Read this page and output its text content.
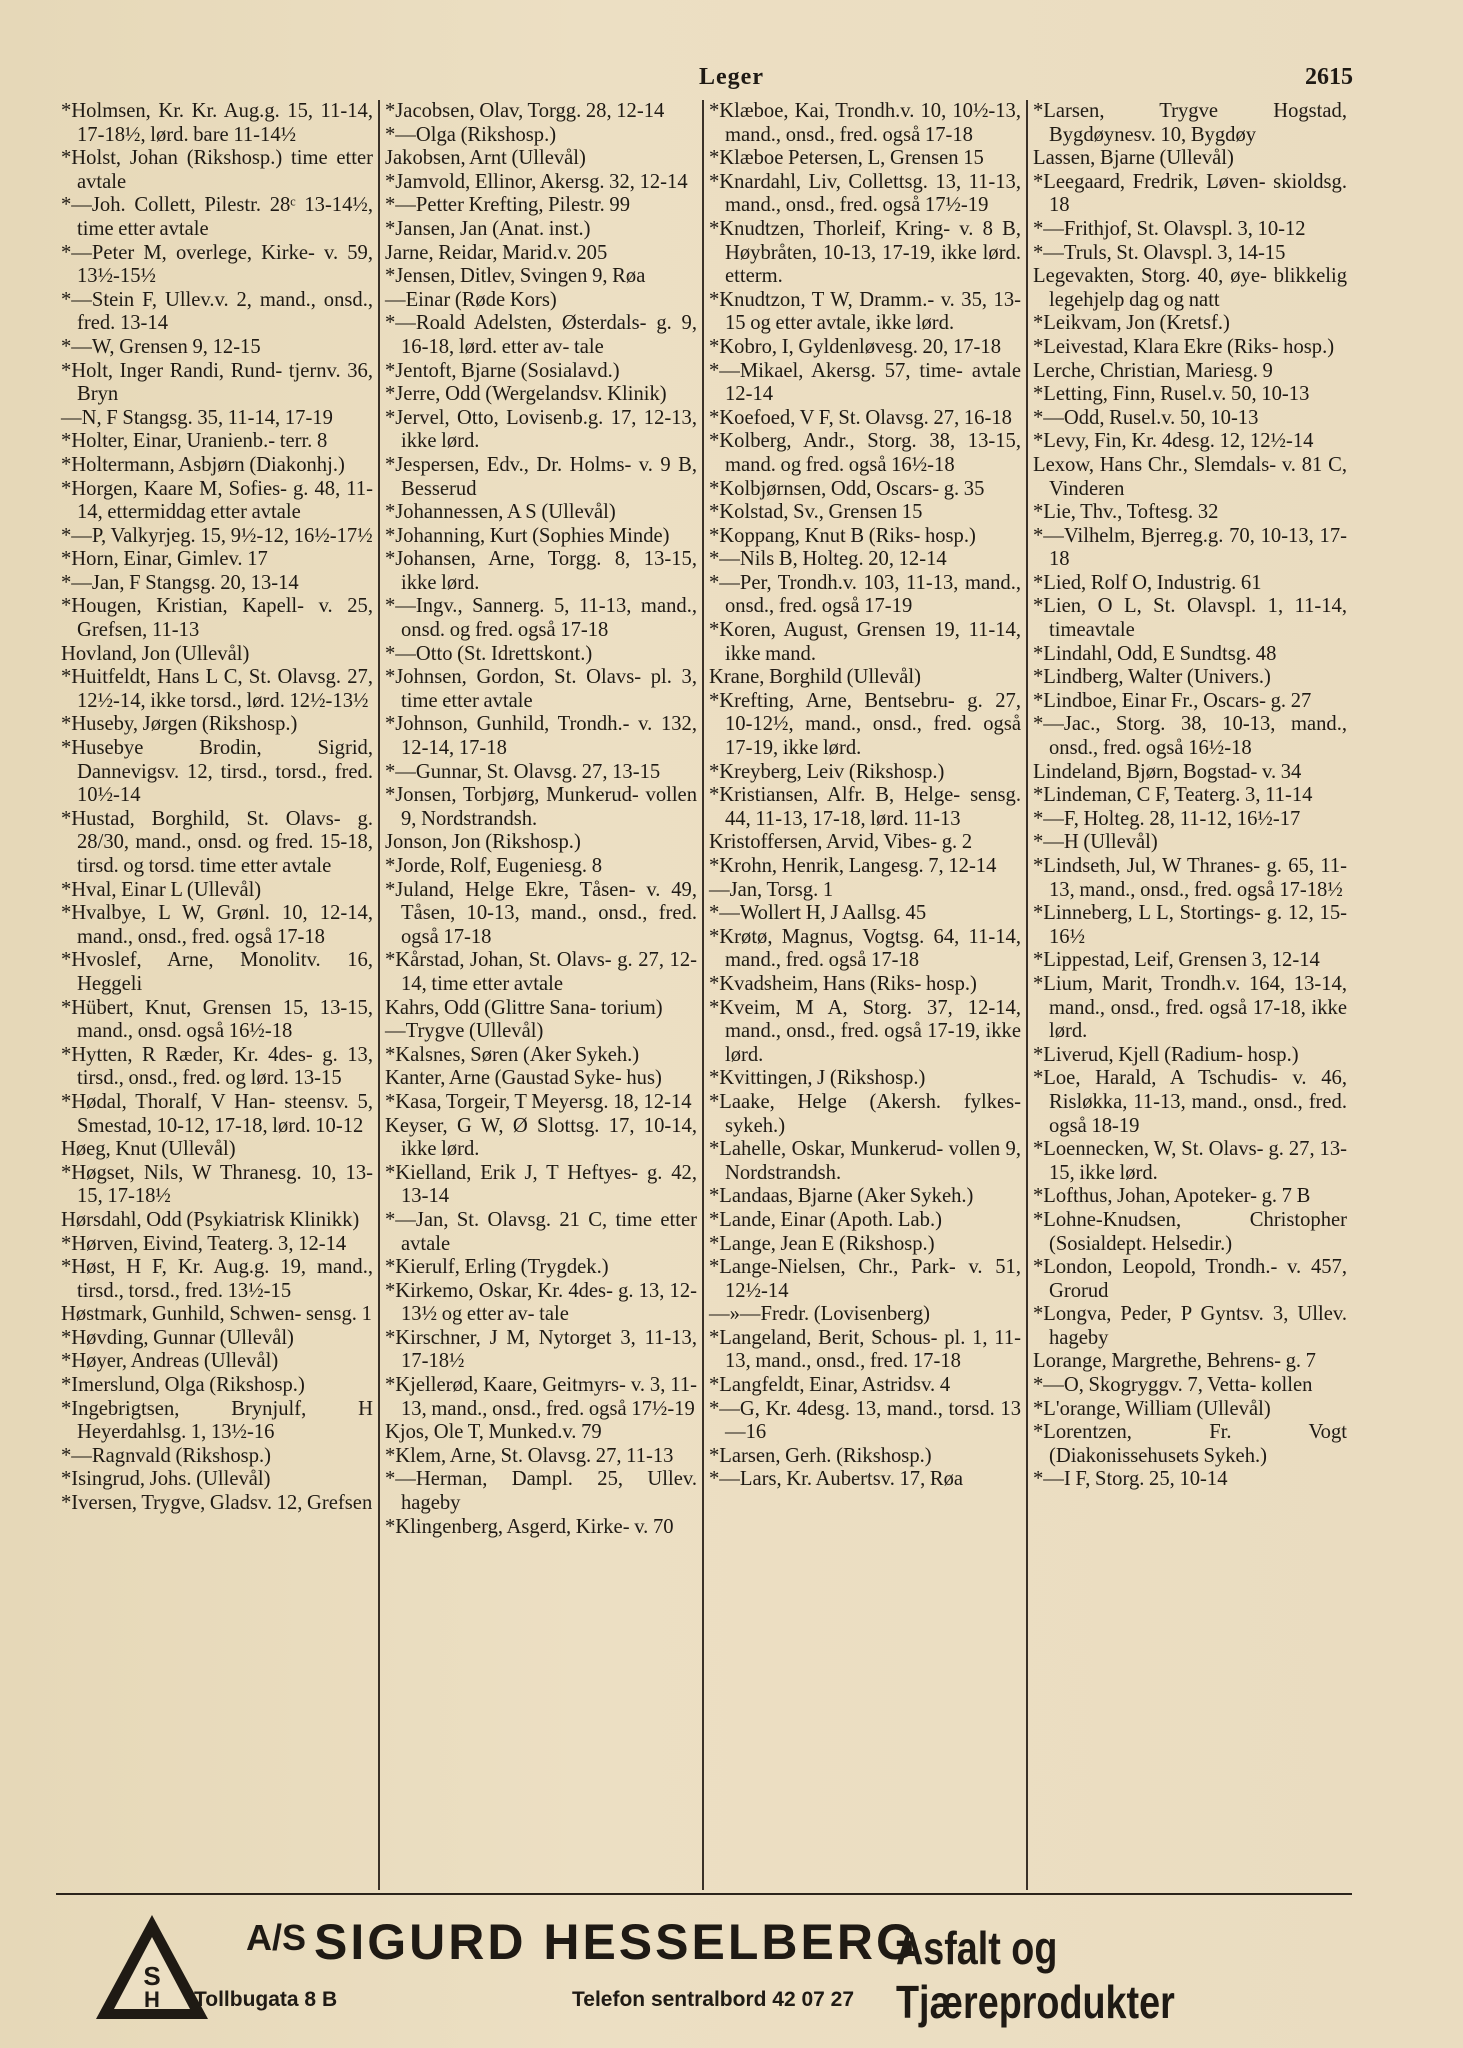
Leger	2615
*Holmsen, Kr. Kr. Aug.g. 15, 11-14, 17-18½, lørd. bare 11-14½
*Holst, Johan (Rikshosp.) time etter avtale
*—Joh. Collett, Pilestr. 28ᶜ 13-14½, time etter avtale
*—Peter M, overlege, Kirke- v. 59, 13½-15½
*—Stein F, Ullev.v. 2, mand., onsd., fred. 13-14
*—W, Grensen 9, 12-15
*Holt, Inger Randi, Rund- tjernv. 36, Bryn
—N, F Stangsg. 35, 11-14, 17-19
*Holter, Einar, Uranienb.- terr. 8
*Holtermann, Asbjørn (Diakonhj.)
*Horgen, Kaare M, Sofies- g. 48, 11-14, ettermiddag etter avtale
*—P, Valkyrjeg. 15, 9½-12, 16½-17½
*Horn, Einar, Gimlev. 17
*—Jan, F Stangsg. 20, 13-14
*Hougen, Kristian, Kapell- v. 25, Grefsen, 11-13
Hovland, Jon (Ullevål)
*Huitfeldt, Hans L C, St. Olavsg. 27, 12½-14, ikke torsd., lørd. 12½-13½
*Huseby, Jørgen (Rikshosp.)
*Husebye Brodin, Sigrid, Dannevigsv. 12, tirsd., torsd., fred. 10½-14
*Hustad, Borghild, St. Olavs- g. 28/30, mand., onsd. og fred. 15-18, tirsd. og torsd. time etter avtale
*Hval, Einar L (Ullevål)
*Hvalbye, L W, Grønl. 10, 12-14, mand., onsd., fred. også 17-18
*Hvoslef, Arne, Monolitv. 16, Heggeli
*Hübert, Knut, Grensen 15, 13-15, mand., onsd. også 16½-18
*Hytten, R Ræder, Kr. 4des- g. 13, tirsd., onsd., fred. og lørd. 13-15
*Hødal, Thoralf, V Han- steensv. 5, Smestad, 10-12, 17-18, lørd. 10-12
Høeg, Knut (Ullevål)
*Høgset, Nils, W Thranesg. 10, 13-15, 17-18½
Hørsdahl, Odd (Psykiatrisk Klinikk)
*Hørven, Eivind, Teaterg. 3, 12-14
*Høst, H F, Kr. Aug.g. 19, mand., tirsd., torsd., fred. 13½-15
Høstmark, Gunhild, Schwen- sensg. 1
*Høvding, Gunnar (Ullevål)
*Høyer, Andreas (Ullevål)
*Imerslund, Olga (Rikshosp.)
*Ingebrigtsen, Brynjulf, H Heyerdahlsg. 1, 13½-16
*—Ragnvald (Rikshosp.)
*Isingrud, Johs. (Ullevål)
*Iversen, Trygve, Gladsv. 12, Grefsen
*Jacobsen, Olav, Torgg. 28, 12-14
*—Olga (Rikshosp.)
Jakobsen, Arnt (Ullevål)
*Jamvold, Ellinor, Akersg. 32, 12-14
*—Petter Krefting, Pilestr. 99
*Jansen, Jan (Anat. inst.)
Jarne, Reidar, Marid.v. 205
*Jensen, Ditlev, Svingen 9, Røa
—Einar (Røde Kors)
*—Roald Adelsten, Østerdals- g. 9, 16-18, lørd. etter av- tale
*Jentoft, Bjarne (Sosialavd.)
*Jerre, Odd (Wergelandsv. Klinik)
*Jervel, Otto, Lovisenb.g. 17, 12-13, ikke lørd.
*Jespersen, Edv., Dr. Holms- v. 9 B, Besserud
*Johannessen, A S (Ullevål)
*Johanning, Kurt (Sophies Minde)
*Johansen, Arne, Torgg. 8, 13-15, ikke lørd.
*—Ingv., Sannerg. 5, 11-13, mand., onsd. og fred. også 17-18
*—Otto (St. Idrettskont.)
*Johnsen, Gordon, St. Olavs- pl. 3, time etter avtale
*Johnson, Gunhild, Trondh.- v. 132, 12-14, 17-18
*—Gunnar, St. Olavsg. 27, 13-15
*Jonsen, Torbjørg, Munkerud- vollen 9, Nordstrandsh.
Jonson, Jon (Rikshosp.)
*Jorde, Rolf, Eugeniesg. 8
*Juland, Helge Ekre, Tåsen- v. 49, Tåsen, 10-13, mand., onsd., fred. også 17-18
*Kårstad, Johan, St. Olavs- g. 27, 12-14, time etter avtale
Kahrs, Odd (Glittre Sana- torium)
—Trygve (Ullevål)
*Kalsnes, Søren (Aker Sykeh.)
Kanter, Arne (Gaustad Syke- hus)
*Kasa, Torgeir, T Meyersg. 18, 12-14
Keyser, G W, Ø Slottsg. 17, 10-14, ikke lørd.
*Kielland, Erik J, T Heftyes- g. 42, 13-14
*—Jan, St. Olavsg. 21 C, time etter avtale
*Kierulf, Erling (Trygdek.)
*Kirkemo, Oskar, Kr. 4des- g. 13, 12-13½ og etter av- tale
*Kirschner, J M, Nytorget 3, 11-13, 17-18½
*Kjellerød, Kaare, Geitmyrs- v. 3, 11-13, mand., onsd., fred. også 17½-19
Kjos, Ole T, Munked.v. 79
*Klem, Arne, St. Olavsg. 27, 11-13
*—Herman, Dampl. 25, Ullev. hageby
*Klingenberg, Asgerd, Kirke- v. 70
*Klæboe, Kai, Trondh.v. 10, 10½-13, mand., onsd., fred. også 17-18
*Klæboe Petersen, L, Grensen 15
*Knardahl, Liv, Collettsg. 13, 11-13, mand., onsd., fred. også 17½-19
*Knudtzen, Thorleif, Kring- v. 8 B, Høybråten, 10-13, 17-19, ikke lørd. etterm.
*Knudtzon, T W, Dramm.- v. 35, 13-15 og etter avtale, ikke lørd.
*Kobro, I, Gyldenløvesg. 20, 17-18
*—Mikael, Akersg. 57, time- avtale 12-14
*Koefoed, V F, St. Olavsg. 27, 16-18
*Kolberg, Andr., Storg. 38, 13-15, mand. og fred. også 16½-18
*Kolbjørnsen, Odd, Oscars- g. 35
*Kolstad, Sv., Grensen 15
*Koppang, Knut B (Riks- hosp.)
*—Nils B, Holteg. 20, 12-14
*—Per, Trondh.v. 103, 11-13, mand., onsd., fred. også 17-19
*Koren, August, Grensen 19, 11-14, ikke mand.
Krane, Borghild (Ullevål)
*Krefting, Arne, Bentsebru- g. 27, 10-12½, mand., onsd., fred. også 17-19, ikke lørd.
*Kreyberg, Leiv (Rikshosp.)
*Kristiansen, Alfr. B, Helge- sensg. 44, 11-13, 17-18, lørd. 11-13
Kristoffersen, Arvid, Vibes- g. 2
*Krohn, Henrik, Langesg. 7, 12-14
—Jan, Torsg. 1
*—Wollert H, J Aallsg. 45
*Krøtø, Magnus, Vogtsg. 64, 11-14, mand., fred. også 17-18
*Kvadsheim, Hans (Riks- hosp.)
*Kveim, M A, Storg. 37, 12-14, mand., onsd., fred. også 17-19, ikke lørd.
*Kvittingen, J (Rikshosp.)
*Laake, Helge (Akersh. fylkes- sykeh.)
*Lahelle, Oskar, Munkerud- vollen 9, Nordstrandsh.
*Landaas, Bjarne (Aker Sykeh.)
*Lande, Einar (Apoth. Lab.)
*Lange, Jean E (Rikshosp.)
*Lange-Nielsen, Chr., Park- v. 51, 12½-14
—»—Fredr. (Lovisenberg)
*Langeland, Berit, Schous- pl. 1, 11-13, mand., onsd., fred. 17-18
*Langfeldt, Einar, Astridsv. 4
*—G, Kr. 4desg. 13, mand., torsd. 13—16
*Larsen, Gerh. (Rikshosp.)
*—Lars, Kr. Aubertsv. 17, Røa
*Larsen, Trygve Hogstad, Bygdøynesv. 10, Bygdøy
Lassen, Bjarne (Ullevål)
*Leegaard, Fredrik, Løven- skioldsg. 18
*—Frithjof, St. Olavspl. 3, 10-12
*—Truls, St. Olavspl. 3, 14-15
Legevakten, Storg. 40, øye- blikkelig legehjelp dag og natt
*Leikvam, Jon (Kretsf.)
*Leivestad, Klara Ekre (Riks- hosp.)
Lerche, Christian, Mariesg. 9
*Letting, Finn, Rusel.v. 50, 10-13
*—Odd, Rusel.v. 50, 10-13
*Levy, Fin, Kr. 4desg. 12, 12½-14
Lexow, Hans Chr., Slemdals- v. 81 C, Vinderen
*Lie, Thv., Toftesg. 32
*—Vilhelm, Bjerreg.g. 70, 10-13, 17-18
*Lied, Rolf O, Industrig. 61
*Lien, O L, St. Olavspl. 1, 11-14, timeavtale
*Lindahl, Odd, E Sundtsg. 48
*Lindberg, Walter (Univers.)
*Lindboe, Einar Fr., Oscars- g. 27
*—Jac., Storg. 38, 10-13, mand., onsd., fred. også 16½-18
Lindeland, Bjørn, Bogstad- v. 34
*Lindeman, C F, Teaterg. 3, 11-14
*—F, Holteg. 28, 11-12, 16½-17
*—H (Ullevål)
*Lindseth, Jul, W Thranes- g. 65, 11-13, mand., onsd., fred. også 17-18½
*Linneberg, L L, Stortings- g. 12, 15-16½
*Lippestad, Leif, Grensen 3, 12-14
*Lium, Marit, Trondh.v. 164, 13-14, mand., onsd., fred. også 17-18, ikke lørd.
*Liverud, Kjell (Radium- hosp.)
*Loe, Harald, A Tschudis- v. 46, Risløkka, 11-13, mand., onsd., fred. også 18-19
*Loennecken, W, St. Olavs- g. 27, 13-15, ikke lørd.
*Lofthus, Johan, Apoteker- g. 7 B
*Lohne-Knudsen, Christopher (Sosialdept. Helsedir.)
*London, Leopold, Trondh.- v. 457, Grorud
*Longva, Peder, P Gyntsv. 3, Ullev. hageby
Lorange, Margrethe, Behrens- g. 7
*—O, Skogryggv. 7, Vetta- kollen
*L'orange, William (Ullevål)
*Lorentzen, Fr. Vogt (Diakonissehusets Sykeh.)
*—I F, Storg. 25, 10-14
S
H
A/S SIGURD HESSELBERG
Tollbugata 8 B	Telefon sentralbord 42 07 27
Asfalt og Tjæreprodukter
